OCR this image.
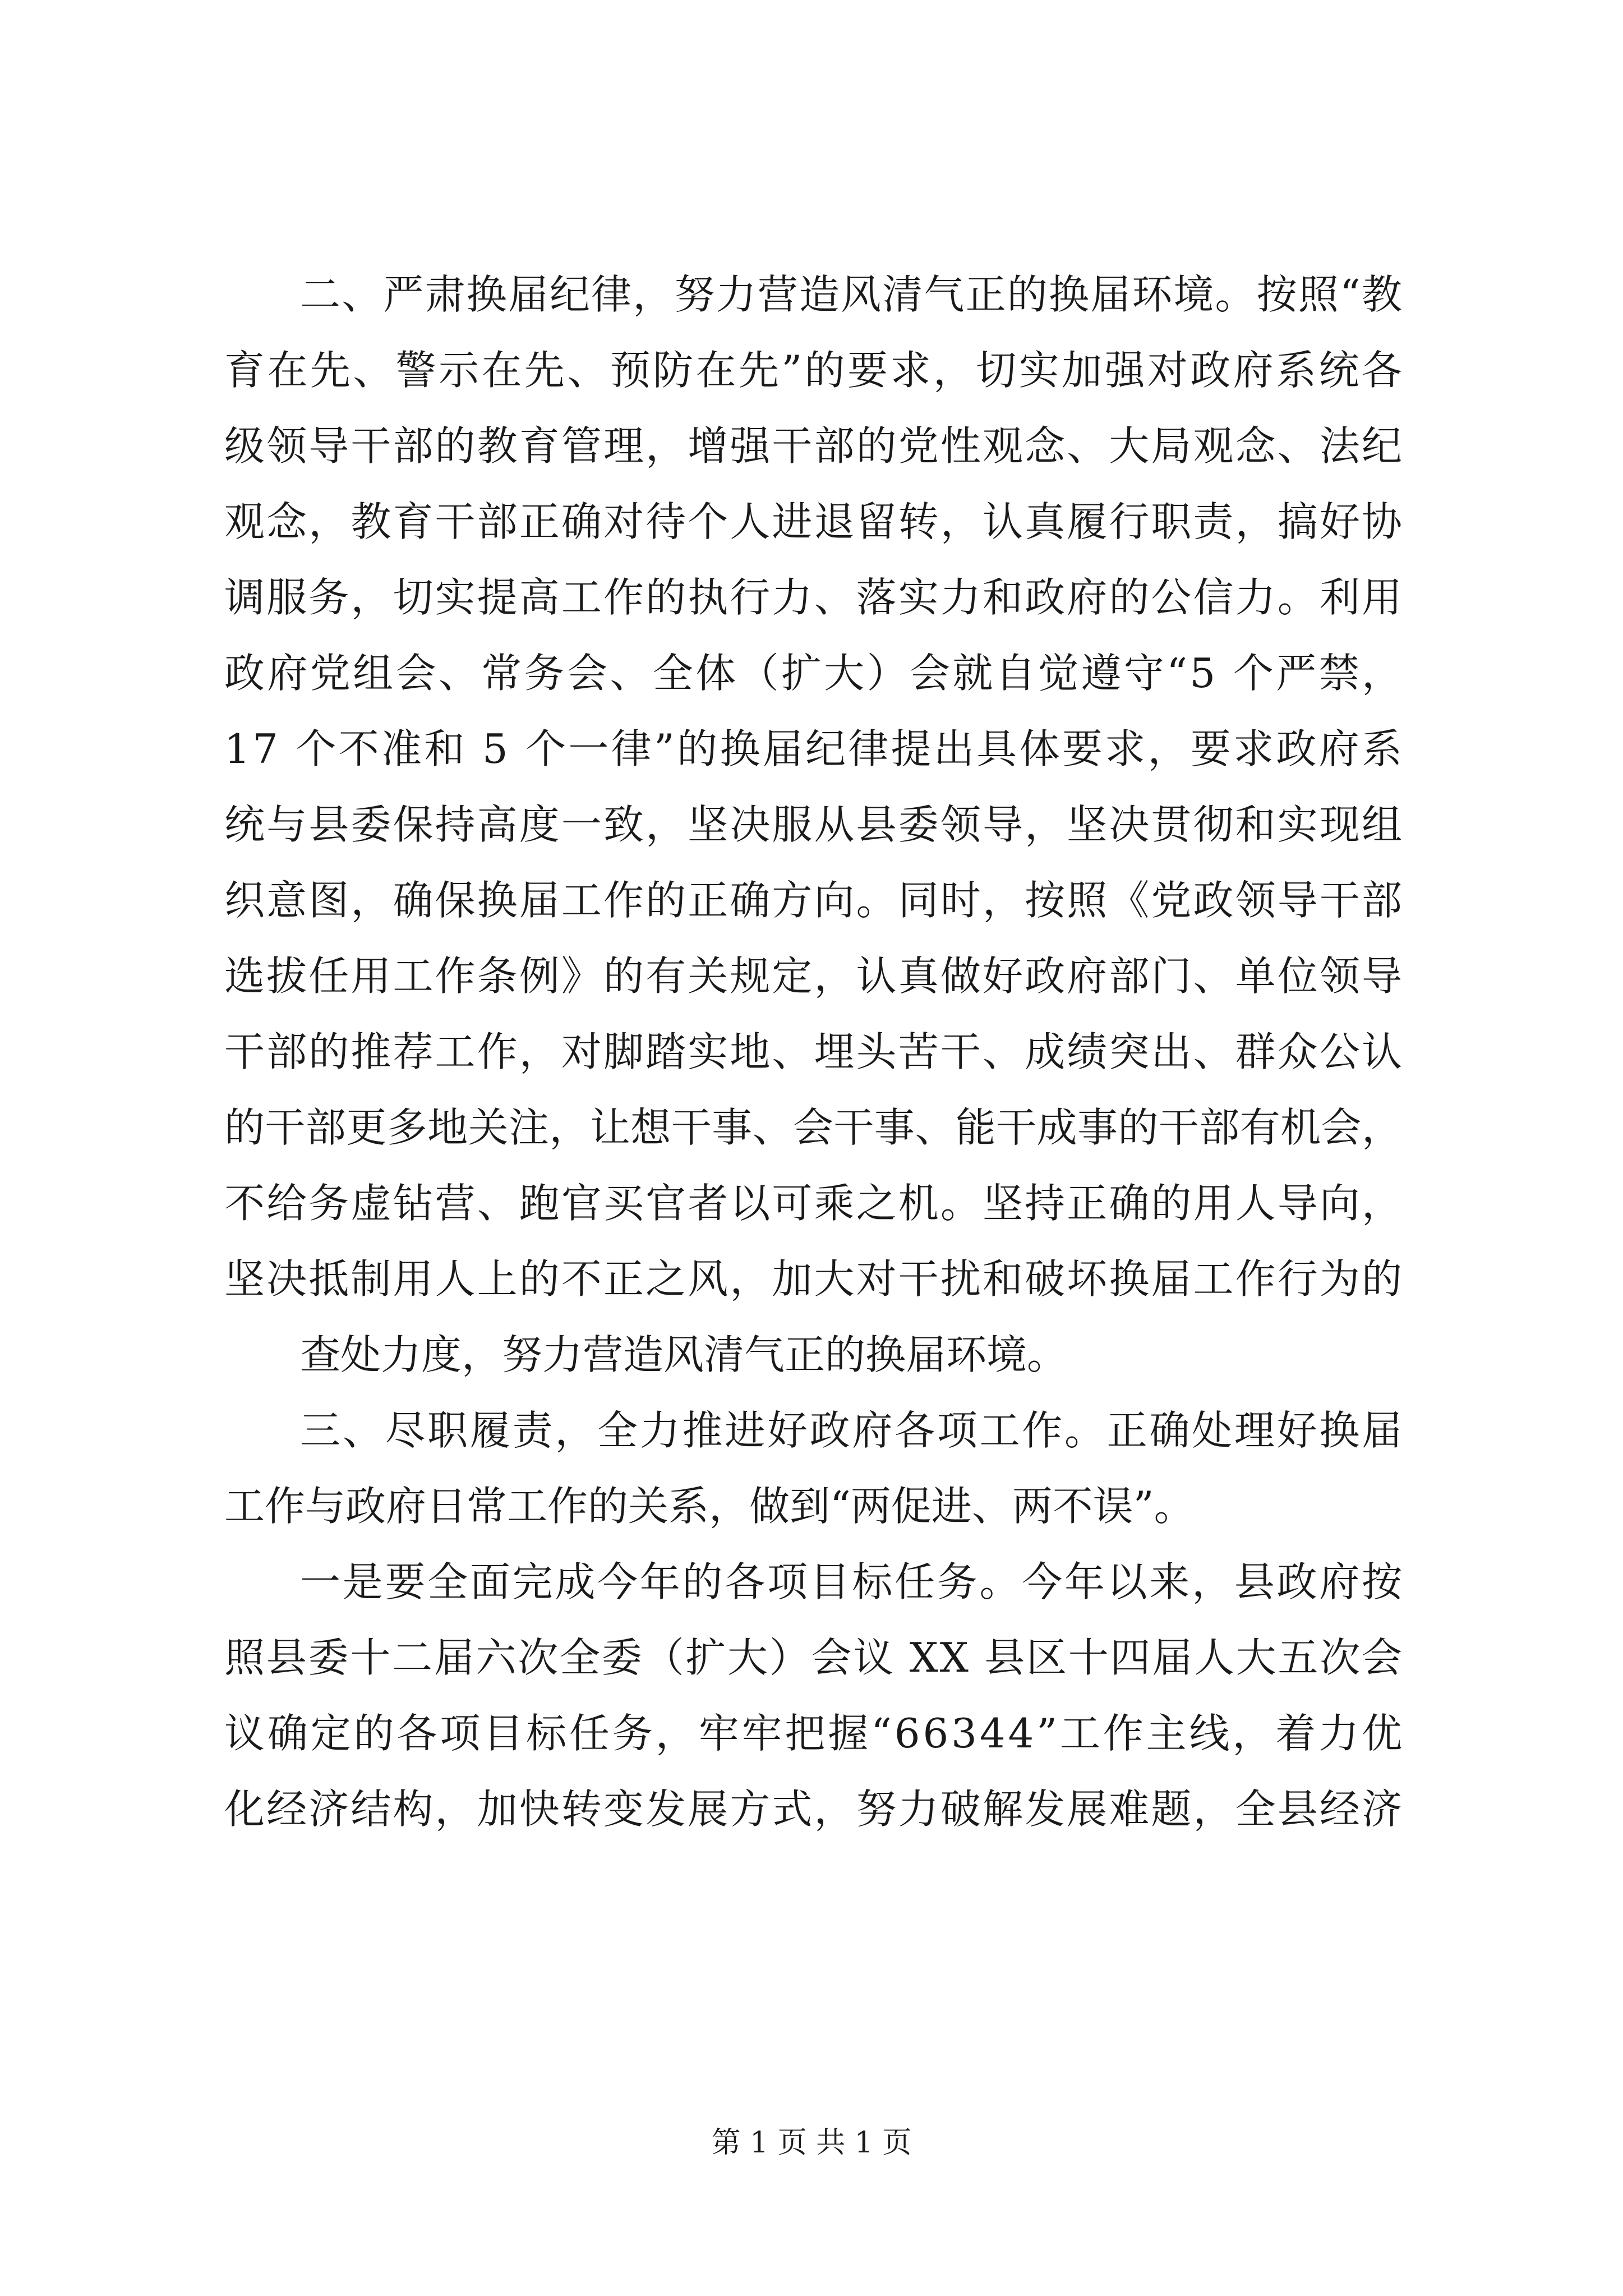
二、严肃换届纪律，努力营造风清气正的换届环境。按照“教
育在先、警示在先、预防在先”的要求，切实加强对政府系统各
级领导干部的教育管理，增强干部的党性观念、大局观念、法纪
观念，教育干部正确对待个人进退留转，认真履行职责，搞好协
调服务，切实提高工作的执行力、落实力和政府的公信力。利用
政府党组会、常务会、全体（扩大）会就自觉遵守“5 个严禁，
17 个不准和 5 个一律”的换届纪律提出具体要求，要求政府系
统与县委保持高度一致，坚决服从县委领导，坚决贯彻和实现组
织意图，确保换届工作的正确方向。同时，按照《党政领导干部
选拔任用工作条例》的有关规定，认真做好政府部门、单位领导
干部的推荐工作，对脚踏实地、埋头苦干、成绩突出、群众公认
的干部更多地关注，让想干事、会干事、能干成事的干部有机会，
不给务虚钻营、跑官买官者以可乘之机。坚持正确的用人导向，
坚决抵制用人上的不正之风，加大对干扰和破坏换届工作行为的
查处力度，努力营造风清气正的换届环境。
三、尽职履责，全力推进好政府各项工作。正确处理好换届
工作与政府日常工作的关系，做到“两促进、两不误”。
一是要全面完成今年的各项目标任务。今年以来，县政府按
照县委十二届六次全委（扩大）会议 XX 县区十四届人大五次会
议确定的各项目标任务，牢牢把握“66344”工作主线，着力优
化经济结构，加快转变发展方式，努力破解发展难题，全县经济
第 1 页 共 1 页
